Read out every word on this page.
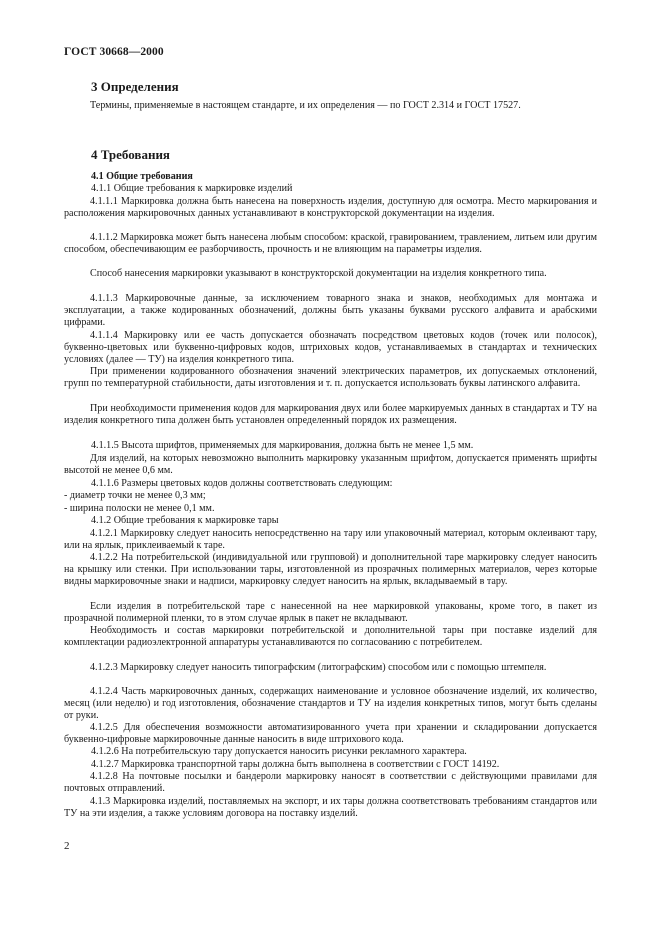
ГОСТ 30668—2000
3 Определения
Термины, применяемые в настоящем стандарте, и их определения — по ГОСТ 2.314 и ГОСТ 17527.
4 Требования
4.1 Общие требования
4.1.1 Общие требования к маркировке изделий
4.1.1.1 Маркировка должна быть нанесена на поверхность изделия, доступную для осмотра. Место маркирования и расположения маркировочных данных устанавливают в конструкторской документации на изделия.
4.1.1.2 Маркировка может быть нанесена любым способом: краской, гравированием, травлением, литьем или другим способом, обеспечивающим ее разборчивость, прочность и не влияющим на параметры изделия.
Способ нанесения маркировки указывают в конструкторской документации на изделия конкретного типа.
4.1.1.3 Маркировочные данные, за исключением товарного знака и знаков, необходимых для монтажа и эксплуатации, а также кодированных обозначений, должны быть указаны буквами русского алфавита и арабскими цифрами.
4.1.1.4 Маркировку или ее часть допускается обозначать посредством цветовых кодов (точек или полосок), буквенно-цветовых или буквенно-цифровых кодов, штриховых кодов, устанавливаемых в стандартах и технических условиях (далее — ТУ) на изделия конкретного типа.
При применении кодированного обозначения значений электрических параметров, их допускаемых отклонений, групп по температурной стабильности, даты изготовления и т. п. допускается использовать буквы латинского алфавита.
При необходимости применения кодов для маркирования двух или более маркируемых данных в стандартах и ТУ на изделия конкретного типа должен быть установлен определенный порядок их размещения.
4.1.1.5 Высота шрифтов, применяемых для маркирования, должна быть не менее 1,5 мм.
Для изделий, на которых невозможно выполнить маркировку указанным шрифтом, допускается применять шрифты высотой не менее 0,6 мм.
4.1.1.6 Размеры цветовых кодов должны соответствовать следующим:
- диаметр точки не менее 0,3 мм;
- ширина полоски не менее 0,1 мм.
4.1.2 Общие требования к маркировке тары
4.1.2.1 Маркировку следует наносить непосредственно на тару или упаковочный материал, которым оклеивают тару, или на ярлык, приклеиваемый к таре.
4.1.2.2 На потребительской (индивидуальной или групповой) и дополнительной таре маркировку следует наносить на крышку или стенки. При использовании тары, изготовленной из прозрачных полимерных материалов, через которые видны маркировочные знаки и надписи, маркировку следует наносить на ярлык, вкладываемый в тару.
Если изделия в потребительской таре с нанесенной на нее маркировкой упакованы, кроме того, в пакет из прозрачной полимерной пленки, то в этом случае ярлык в пакет не вкладывают.
Необходимость и состав маркировки потребительской и дополнительной тары при поставке изделий для комплектации радиоэлектронной аппаратуры устанавливаются по согласованию с потребителем.
4.1.2.3 Маркировку следует наносить типографским (литографским) способом или с помощью штемпеля.
4.1.2.4 Часть маркировочных данных, содержащих наименование и условное обозначение изделий, их количество, месяц (или неделю) и год изготовления, обозначение стандартов и ТУ на изделия конкретных типов, могут быть сделаны от руки.
4.1.2.5 Для обеспечения возможности автоматизированного учета при хранении и складировании допускается буквенно-цифровые маркировочные данные наносить в виде штрихового кода.
4.1.2.6 На потребительскую тару допускается наносить рисунки рекламного характера.
4.1.2.7 Маркировка транспортной тары должна быть выполнена в соответствии с ГОСТ 14192.
4.1.2.8 На почтовые посылки и бандероли маркировку наносят в соответствии с действующими правилами для почтовых отправлений.
4.1.3 Маркировка изделий, поставляемых на экспорт, и их тары должна соответствовать требованиям стандартов или ТУ на эти изделия, а также условиям договора на поставку изделий.
2
